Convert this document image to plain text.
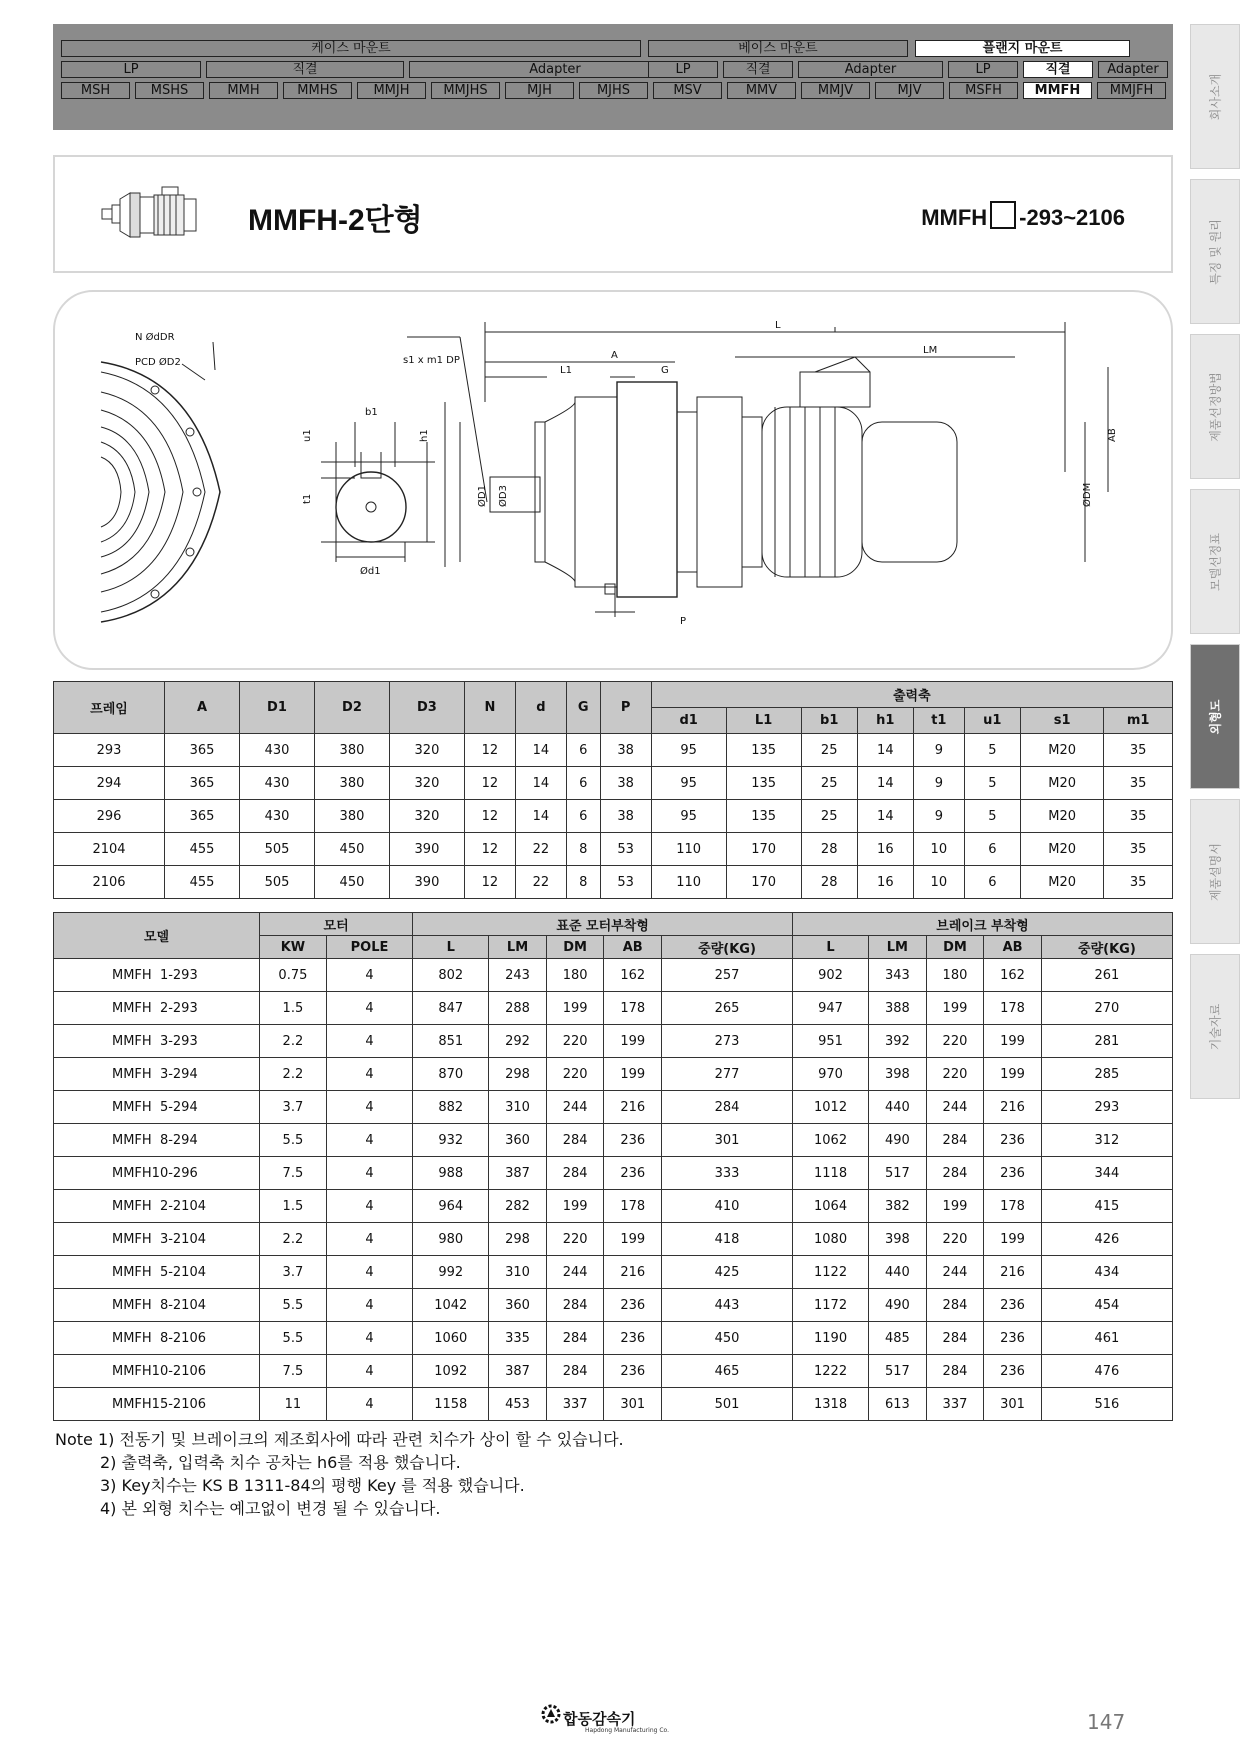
케이스 마운트	베이스 마운트	플랜지 마운트
LP	직결	Adapter	LP	직결	Adapter	LP	직결	Adapter
MSH	MSHS	MMH	MMHS	MMJH	MMJHS	MJH	MJHS	MSV	MMV	MMJV	MJV	MSFH	MMFH	MMJFH
MMFH-2단형	MMFH -293~2106
N ØdDR
PCD ØD2
b1
u1	h1
t1
Ød1
L
A	LM
L1	G
s1 x m1 DP
ØD1 ØD3	ØDM
AB
P
프레임	A	D1	D2	D3	N	d	G	P	출력축							
									d1	L1	b1	h1	t1	u1	s1	m1
293	365	430	380	320	12	14	6	38	95	135	25	14	9	5	M20	35
294	365	430	380	320	12	14	6	38	95	135	25	14	9	5	M20	35
296	365	430	380	320	12	14	6	38	95	135	25	14	9	5	M20	35
2104	455	505	450	390	12	22	8	53	110	170	28	16	10	6	M20	35
2106	455	505	450	390	12	22	8	53	110	170	28	16	10	6	M20	35
모델	모터		표준 모터부착형					브레이크 부착형				
	KW	POLE	L	LM	DM	AB	중량(KG)	L	LM	DM	AB	중량(KG)
MMFH  1-293	0.75	4	802	243	180	162	257	902	343	180	162	261
MMFH  2-293	1.5	4	847	288	199	178	265	947	388	199	178	270
MMFH  3-293	2.2	4	851	292	220	199	273	951	392	220	199	281
MMFH  3-294	2.2	4	870	298	220	199	277	970	398	220	199	285
MMFH  5-294	3.7	4	882	310	244	216	284	1012	440	244	216	293
MMFH  8-294	5.5	4	932	360	284	236	301	1062	490	284	236	312
MMFH10-296	7.5	4	988	387	284	236	333	1118	517	284	236	344
MMFH  2-2104	1.5	4	964	282	199	178	410	1064	382	199	178	415
MMFH  3-2104	2.2	4	980	298	220	199	418	1080	398	220	199	426
MMFH  5-2104	3.7	4	992	310	244	216	425	1122	440	244	216	434
MMFH  8-2104	5.5	4	1042	360	284	236	443	1172	490	284	236	454
MMFH  8-2106	5.5	4	1060	335	284	236	450	1190	485	284	236	461
MMFH10-2106	7.5	4	1092	387	284	236	465	1222	517	284	236	476
MMFH15-2106	11	4	1158	453	337	301	501	1318	613	337	301	516
Note 1) 전동기 및 브레이크의 제조회사에 따라 관련 치수가 상이 할 수 있습니다.
2) 출력축, 입력축 치수 공차는 h6를 적용 했습니다.
3) Key치수는 KS B 1311-84의 평행 Key 를 적용 했습니다.
4) 본 외형 치수는 예고없이 변경 될 수 있습니다.
회사소개
특징 및 원리
제품선정방법
모델선정표
외형도
제품설명서
기술자료
합동감속기
Hapdong Manufacturing Co.	147
